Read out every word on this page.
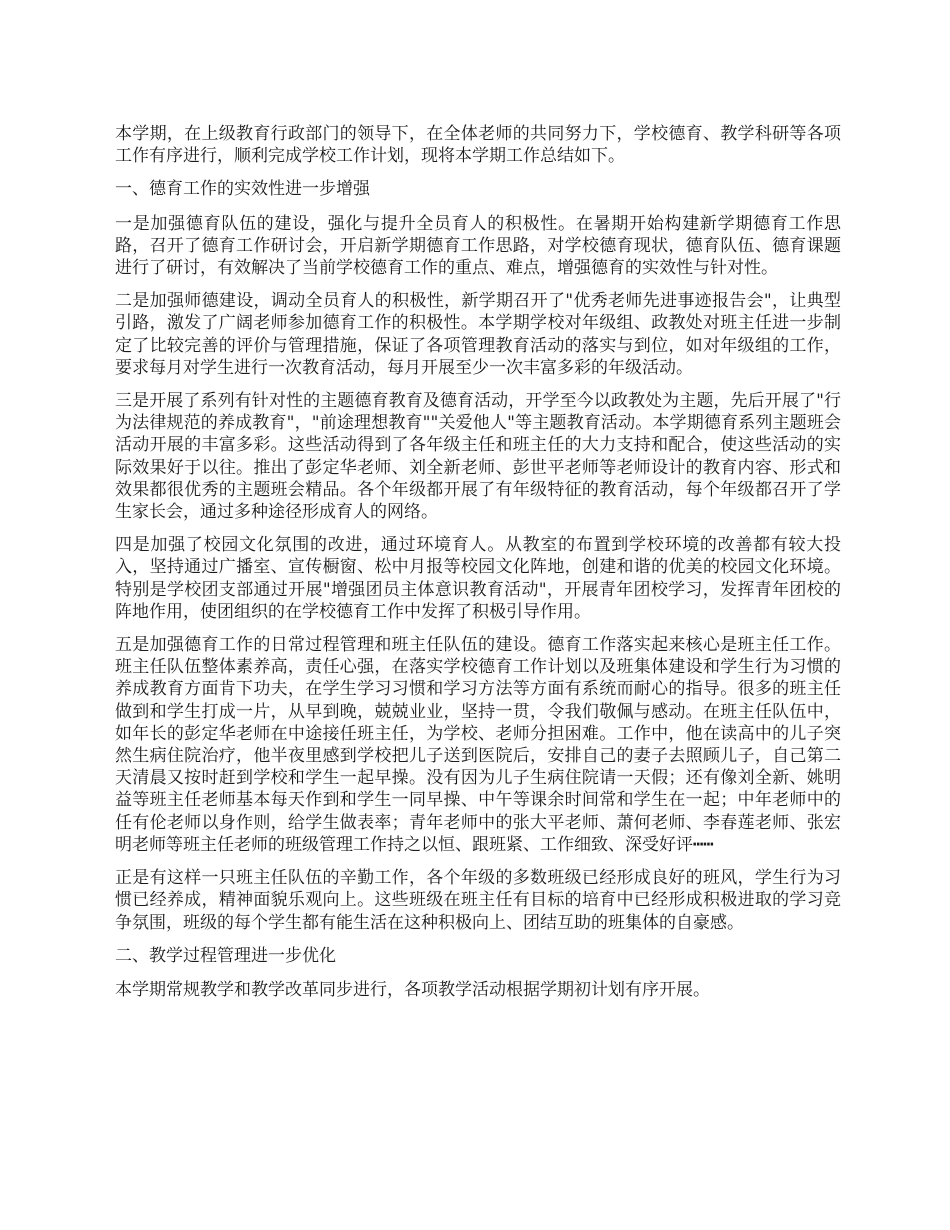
本学期，在上级教育行政部门的领导下，在全体老师的共同努力下，学校德育、教学科研等各项工作有序进行，顺利完成学校工作计划，现将本学期工作总结如下。

一、德育工作的实效性进一步增强

一是加强德育队伍的建设，强化与提升全员育人的积极性。在暑期开始构建新学期德育工作思路，召开了德育工作研讨会，开启新学期德育工作思路，对学校德育现状，德育队伍、德育课题进行了研讨，有效解决了当前学校德育工作的重点、难点，增强德育的实效性与针对性。

二是加强师德建设，调动全员育人的积极性，新学期召开了"优秀老师先进事迹报告会"，让典型引路，激发了广阔老师参加德育工作的积极性。本学期学校对年级组、政教处对班主任进一步制定了比较完善的评价与管理措施，保证了各项管理教育活动的落实与到位，如对年级组的工作，要求每月对学生进行一次教育活动，每月开展至少一次丰富多彩的年级活动。

三是开展了系列有针对性的主题德育教育及德育活动，开学至今以政教处为主题，先后开展了"行为法律规范的养成教育"，"前途理想教育""关爱他人"等主题教育活动。本学期德育系列主题班会活动开展的丰富多彩。这些活动得到了各年级主任和班主任的大力支持和配合，使这些活动的实际效果好于以往。推出了彭定华老师、刘全新老师、彭世平老师等老师设计的教育内容、形式和效果都很优秀的主题班会精品。各个年级都开展了有年级特征的教育活动，每个年级都召开了学生家长会，通过多种途径形成育人的网络。

四是加强了校园文化氛围的改进，通过环境育人。从教室的布置到学校环境的改善都有较大投入，坚持通过广播室、宣传橱窗、松中月报等校园文化阵地，创建和谐的优美的校园文化环境。特别是学校团支部通过开展"增强团员主体意识教育活动"，开展青年团校学习，发挥青年团校的阵地作用，使团组织的在学校德育工作中发挥了积极引导作用。

五是加强德育工作的日常过程管理和班主任队伍的建设。德育工作落实起来核心是班主任工作。班主任队伍整体素养高，责任心强，在落实学校德育工作计划以及班集体建设和学生行为习惯的养成教育方面肯下功夫，在学生学习习惯和学习方法等方面有系统而耐心的指导。很多的班主任做到和学生打成一片，从早到晚，兢兢业业，坚持一贯，令我们敬佩与感动。在班主任队伍中，如年长的彭定华老师在中途接任班主任，为学校、老师分担困难。工作中，他在读高中的儿子突然生病住院治疗，他半夜里感到学校把儿子送到医院后，安排自己的妻子去照顾儿子，自己第二天清晨又按时赶到学校和学生一起早操。没有因为儿子生病住院请一天假；还有像刘全新、姚明益等班主任老师基本每天作到和学生一同早操、中午等课余时间常和学生在一起；中年老师中的任有伦老师以身作则，给学生做表率；青年老师中的张大平老师、萧何老师、李春莲老师、张宏明老师等班主任老师的班级管理工作持之以恒、跟班紧、工作细致、深受好评┅┅

正是有这样一只班主任队伍的辛勤工作，各个年级的多数班级已经形成良好的班风，学生行为习惯已经养成，精神面貌乐观向上。这些班级在班主任有目标的培育中已经形成积极进取的学习竞争氛围，班级的每个学生都有能生活在这种积极向上、团结互助的班集体的自豪感。

二、教学过程管理进一步优化

本学期常规教学和教学改革同步进行，各项教学活动根据学期初计划有序开展。
